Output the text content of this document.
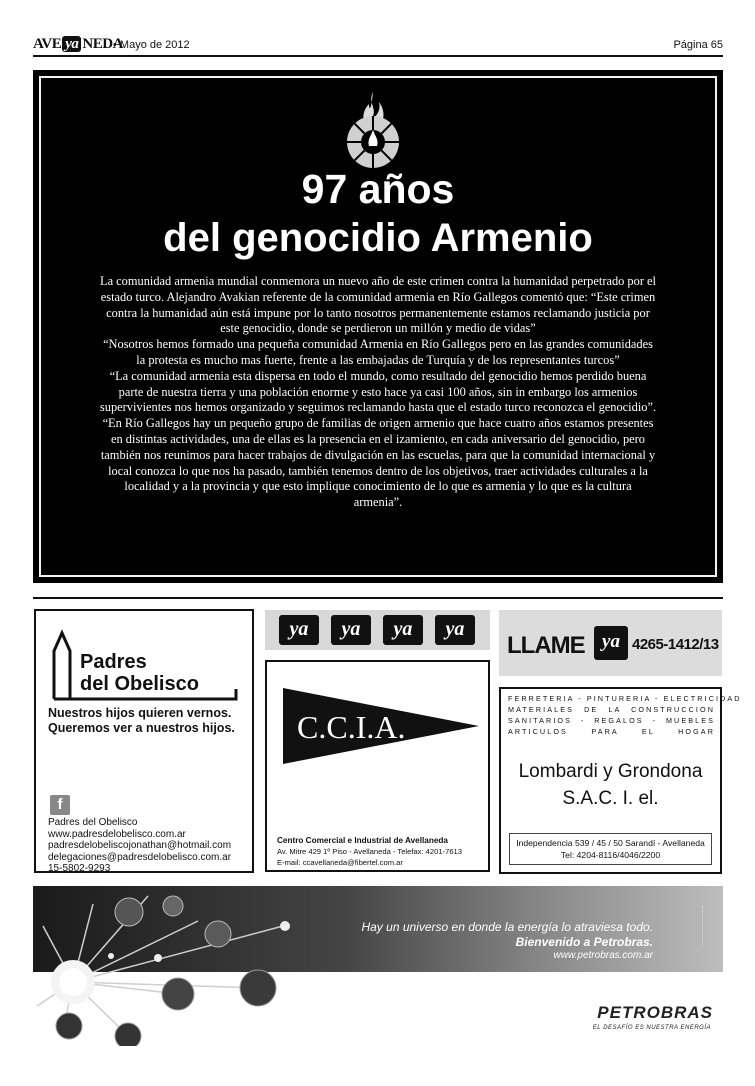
AVE ya NEDA
• Mayo de 2012	Página 65
97 años
del genocidio Armenio

La comunidad armenia mundial conmemora un nuevo año de este crimen contra la humanidad perpetrado por el estado turco. Alejandro Avakian referente de la comunidad armenia en Río Gallegos comentó que: “Este crimen contra la humanidad aún está impune por lo tanto nosotros permanentemente estamos reclamando justicia por este genocidio, donde se perdieron un millón y medio de vidas”

“Nosotros hemos formado una pequeña comunidad Armenia en Río Gallegos pero en las grandes comunidades la protesta es mucho mas fuerte, frente a las embajadas de Turquía y de los representantes turcos”

“La comunidad armenia esta dispersa en todo el mundo, como resultado del genocidio hemos perdido buena parte de nuestra tierra y una población enorme y esto hace ya casi 100 años, sin in embargo los armenios supervivientes nos hemos organizado y seguimos reclamando hasta que el estado turco reconozca el genocidio”.

“En Río Gallegos hay un pequeño grupo de familias de origen armenio que hace cuatro años estamos presentes en distintas actividades, una de ellas es la presencia en el izamiento, en cada aniversario del genocidio, pero también nos reunimos para hacer trabajos de divulgación en las escuelas, para que la comunidad internacional y local conozca lo que nos ha pasado, también tenemos dentro de los objetivos, traer actividades culturales a la localidad y a la provincia y que esto implique conocimiento de lo que es armenia y lo que es la cultura armenia”.

Padres
del Obelisco
Nuestros hijos quieren vernos.
Queremos ver a nuestros hijos.
f
Padres del Obelisco
www.padresdelobelisco.com.ar
padresdelobeliscojonathan@hotmail.com
delegaciones@padresdelobelisco.com.ar
15-5802-9293
ya	ya	ya	ya
C.C.I.A.
Centro Comercial e Industrial de Avellaneda
Av. Mitre 429 1º Piso - Avellaneda - Telefax: 4201-7613
E-mail: ccavellaneda@fibertel.com.ar
LLAME ya 4265-1412/13
FERRETERIA - PINTURERIA - ELECTRICIDAD
MATERIALES DE LA CONSTRUCCION
SANITARIOS - REGALOS - MUEBLES
ARTICULOS PARA EL HOGAR
Lombardi y Grondona
S.A.C. I. el.
Independencia 539 / 45 / 50 Sarandí - Avellaneda
Tel: 4204-8116/4046/2200
Hay un universo en donde la energía lo atraviesa todo.
Bienvenido a Petrobras.
www.petrobras.com.ar
PETROBRAS
EL DESAFÍO ES NUESTRA ENERGÍA
